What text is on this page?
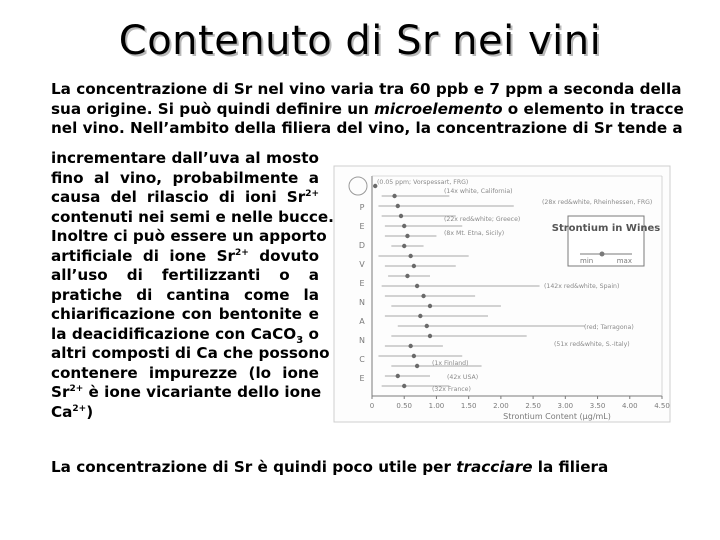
Contenuto di Sr nei vini
La concentrazione di Sr nel vino varia tra 60 ppb e 7 ppm a seconda della
sua origine. Si può quindi definire un microelemento o elemento in tracce
nel vino. Nell’ambito della filiera del vino, la concentrazione di Sr tende a
incrementare dall’uva al mosto
fino al vino, probabilmente a
causa del rilascio di ioni $Sr^{2+}$
contenuti nei semi e nelle bucce.
Inoltre ci può essere un apporto
artificiale di ione $Sr^{2+}$ dovuto
all’uso di fertilizzanti o a
pratiche di cantina come la
chiarificazione con bentonite e
la deacidificazione con CaCO$_3$ o
altri composti di Ca che possono
contenere impurezze (lo ione
$Sr^{2+}$ è ione vicariante dello ione
$Ca^{2+}$)
La concentrazione di Sr è quindi poco utile per tracciare la filiera
P
E
D
V
E
N
A
N
C
E
0	0.50 1.00 1.50 2.00 2.50 3.00 3.50 4.00 4.50
Strontium Content (µg/mL)
Strontium in Wines
min	max
(0.05 ppm; Vorspessart, FRG)
(14x white, California)
(28x red&white, Rheinhessen, FRG)
(22x red&white; Greece)
(8x Mt. Etna, Sicily)
(142x red&white, Spain)
(red; Tarragona)
(51x red&white, S.-Italy)
(1x Finland)
(42x USA)
(32x France)
